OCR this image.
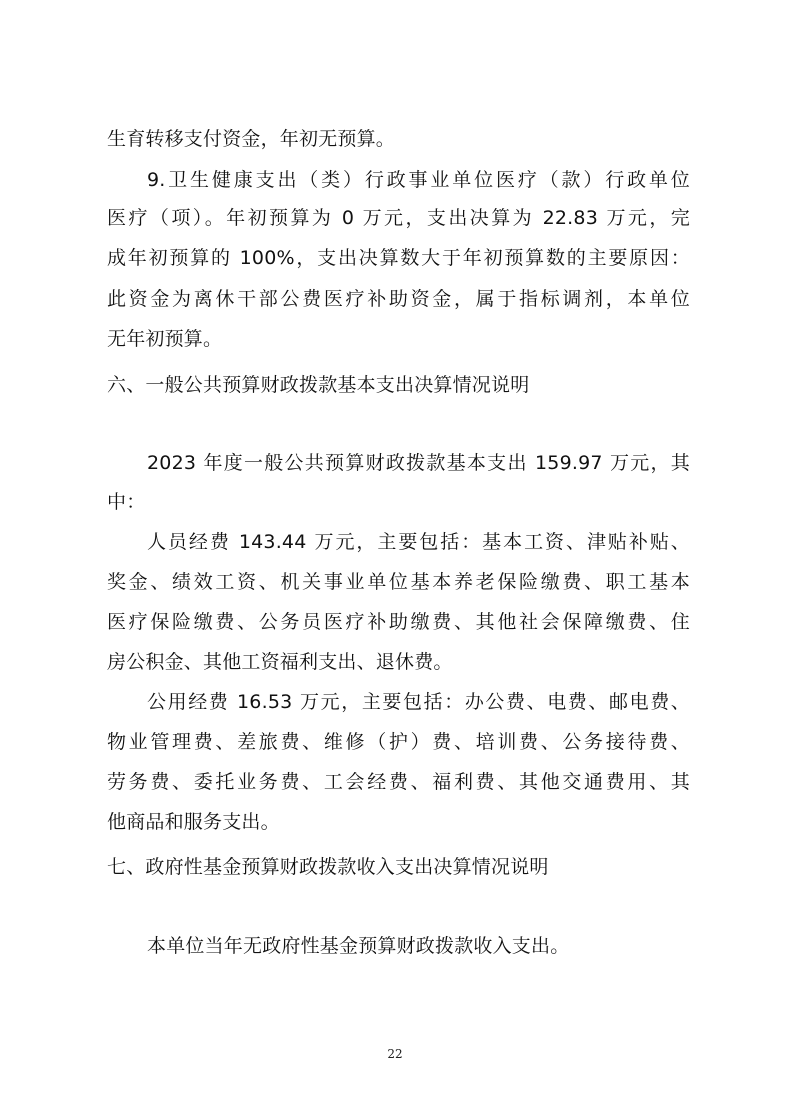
生育转移支付资金，年初无预算。
9.卫生健康支出（类）行政事业单位医疗（款）行政单位
医疗（项）。年初预算为 0 万元，支出决算为 22.83 万元，完
成年初预算的 100%，支出决算数大于年初预算数的主要原因：
此资金为离休干部公费医疗补助资金，属于指标调剂，本单位
无年初预算。
六、一般公共预算财政拨款基本支出决算情况说明
2023 年度一般公共预算财政拨款基本支出 159.97 万元，其
中：
人员经费 143.44 万元，主要包括：基本工资、津贴补贴、
奖金、绩效工资、机关事业单位基本养老保险缴费、职工基本
医疗保险缴费、公务员医疗补助缴费、其他社会保障缴费、住
房公积金、其他工资福利支出、退休费。
公用经费 16.53 万元，主要包括：办公费、电费、邮电费、
物业管理费、差旅费、维修（护）费、培训费、公务接待费、
劳务费、委托业务费、工会经费、福利费、其他交通费用、其
他商品和服务支出。
七、政府性基金预算财政拨款收入支出决算情况说明
本单位当年无政府性基金预算财政拨款收入支出。
22
